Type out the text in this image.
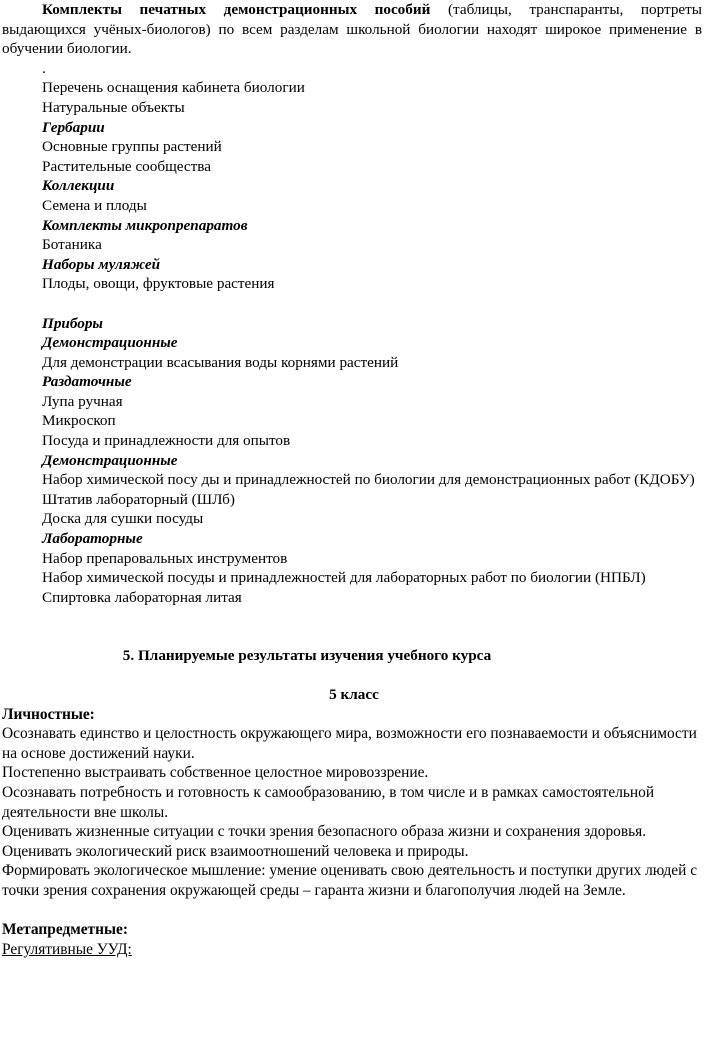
Комплекты печатных демонстрационных пособий (таблицы, транспаранты, портреты выдающихся учёных-биологов) по всем разделам школьной биологии находят широкое применение в обучении биологии.

.

Перечень оснащения кабинета биологии

Натуральные объекты

Гербарии

Основные группы растений

Растительные сообщества

Коллекции

Семена и плоды

Комплекты микропрепаратов

Ботаника

Наборы муляжей

Плоды, овощи, фруктовые растения

Приборы

Демонстрационные

Для демонстрации всасывания воды корнями растений

Раздаточные

Лупа ручная

Микроскоп

Посуда и принадлежности для опытов

Демонстрационные

Набор химической посу ды и принадлежностей по биологии для демонстрационных работ (КДОБУ)

Штатив лабораторный (ШЛб)

Доска для сушки посуды

Лабораторные

Набор препаровальных инструментов

Набор химической посуды и принадлежностей для лабораторных работ по биологии (НПБЛ)

Спиртовка лабораторная литая

5. Планируемые результаты изучения учебного курса

5 класс

Личностные:

Осознавать единство и целостность окружающего мира, возможности его познаваемости и объяснимости на основе достижений науки.

Постепенно выстраивать собственное целостное мировоззрение.

Осознавать потребность и готовность к самообразованию, в том числе и в рамках самостоятельной деятельности вне школы.

Оценивать жизненные ситуации с точки зрения безопасного образа жизни и сохранения здоровья.

Оценивать экологический риск взаимоотношений человека и природы.

Формировать экологическое мышление: умение оценивать свою деятельность и поступки других людей с точки зрения сохранения окружающей среды – гаранта жизни и благополучия людей на Земле.

Метапредметные:

Регулятивные УУД:
